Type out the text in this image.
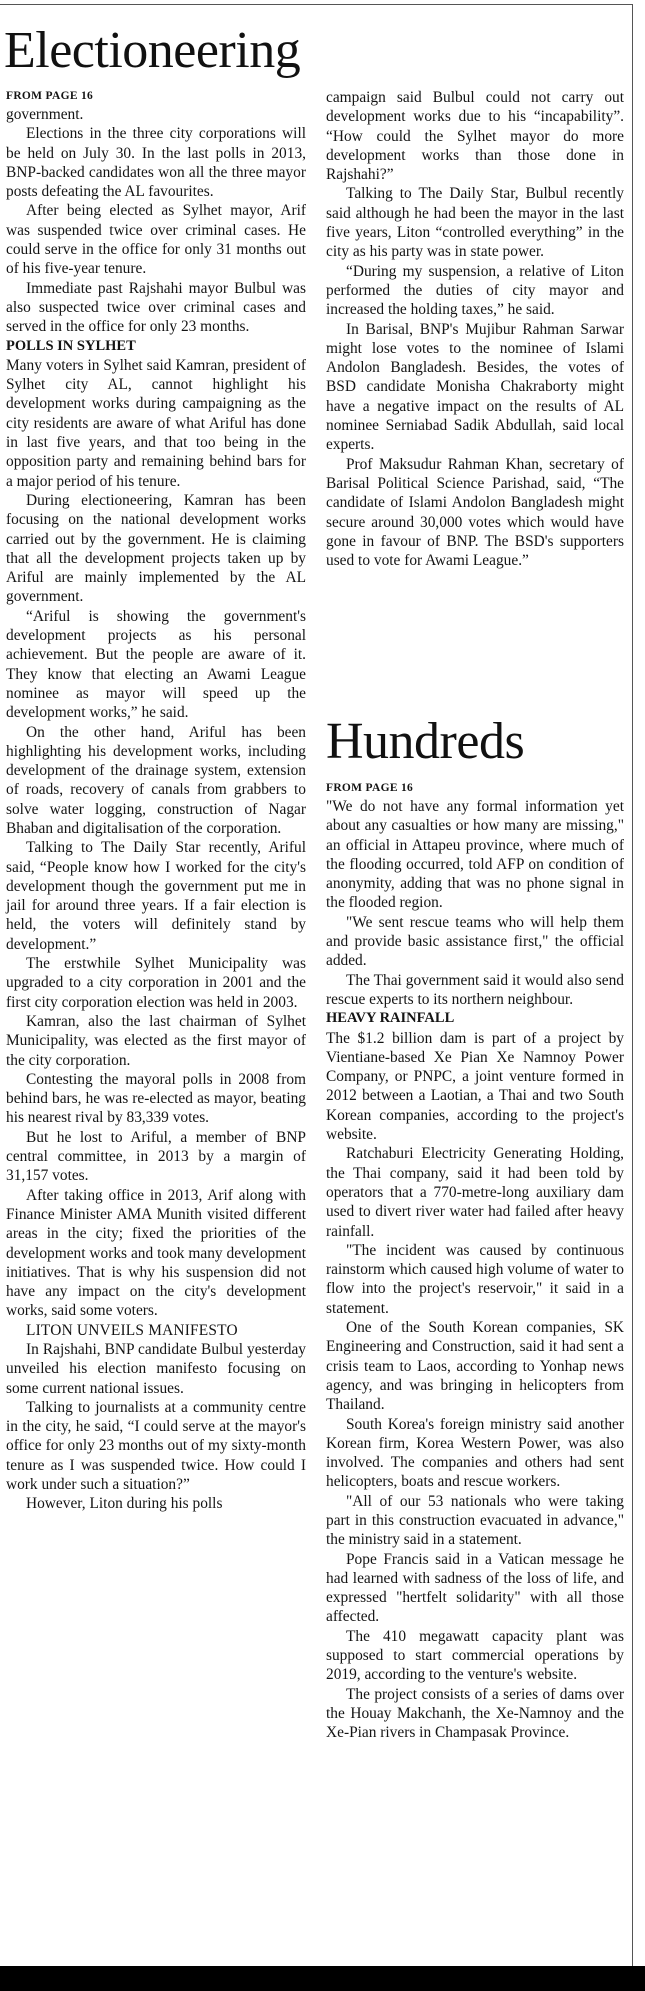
Electioneering
FROM PAGE 16

government.

Elections in the three city corporations will be held on July 30. In the last polls in 2013, BNP-backed candidates won all the three mayor posts defeating the AL favourites.

After being elected as Sylhet mayor, Arif was suspended twice over criminal cases. He could serve in the office for only 31 months out of his five-year tenure.

Immediate past Rajshahi mayor Bulbul was also suspected twice over criminal cases and served in the office for only 23 months.

POLLS IN SYLHET

Many voters in Sylhet said Kamran, president of Sylhet city AL, cannot highlight his development works during campaigning as the city residents are aware of what Ariful has done in last five years, and that too being in the opposition party and remaining behind bars for a major period of his tenure.

During electioneering, Kamran has been focusing on the national development works carried out by the government. He is claiming that all the development projects taken up by Ariful are mainly implemented by the AL government.

“Ariful is showing the government's development projects as his personal achievement. But the people are aware of it. They know that electing an Awami League nominee as mayor will speed up the development works,” he said.

On the other hand, Ariful has been highlighting his development works, including development of the drainage system, extension of roads, recovery of canals from grabbers to solve water logging, construction of Nagar Bhaban and digitalisation of the corporation.

Talking to The Daily Star recently, Ariful said, “People know how I worked for the city's development though the government put me in jail for around three years. If a fair election is held, the voters will definitely stand by development.”

The erstwhile Sylhet Municipality was upgraded to a city corporation in 2001 and the first city corporation election was held in 2003.

Kamran, also the last chairman of Sylhet Municipality, was elected as the first mayor of the city corporation.

Contesting the mayoral polls in 2008 from behind bars, he was re-elected as mayor, beating his nearest rival by 83,339 votes.

But he lost to Ariful, a member of BNP central committee, in 2013 by a margin of 31,157 votes.

After taking office in 2013, Arif along with Finance Minister AMA Munith visited different areas in the city; fixed the priorities of the development works and took many development initiatives. That is why his suspension did not have any impact on the city's development works, said some voters.

LITON UNVEILS MANIFESTO

In Rajshahi, BNP candidate Bulbul yesterday unveiled his election manifesto focusing on some current national issues.

Talking to journalists at a community centre in the city, he said, “I could serve at the mayor's office for only 23 months out of my sixty-month tenure as I was suspended twice. How could I work under such a situation?”

However, Liton during his polls

campaign said Bulbul could not carry out development works due to his “incapability”. “How could the Sylhet mayor do more development works than those done in Rajshahi?”

Talking to The Daily Star, Bulbul recently said although he had been the mayor in the last five years, Liton “controlled everything” in the city as his party was in state power.

“During my suspension, a relative of Liton performed the duties of city mayor and increased the holding taxes,” he said.

In Barisal, BNP's Mujibur Rahman Sarwar might lose votes to the nominee of Islami Andolon Bangladesh. Besides, the votes of BSD candidate Monisha Chakraborty might have a negative impact on the results of AL nominee Serniabad Sadik Abdullah, said local experts.

Prof Maksudur Rahman Khan, secretary of Barisal Political Science Parishad, said, “The candidate of Islami Andolon Bangladesh might secure around 30,000 votes which would have gone in favour of BNP. The BSD's supporters used to vote for Awami League.”

Hundreds
FROM PAGE 16

"We do not have any formal information yet about any casualties or how many are missing," an official in Attapeu province, where much of the flooding occurred, told AFP on condition of anonymity, adding that was no phone signal in the flooded region.

"We sent rescue teams who will help them and provide basic assistance first," the official added.

The Thai government said it would also send rescue experts to its northern neighbour.

HEAVY RAINFALL

The $1.2 billion dam is part of a project by Vientiane-based Xe Pian Xe Namnoy Power Company, or PNPC, a joint venture formed in 2012 between a Laotian, a Thai and two South Korean companies, according to the project's website.

Ratchaburi Electricity Generating Holding, the Thai company, said it had been told by operators that a 770-metre-long auxiliary dam used to divert river water had failed after heavy rainfall.

"The incident was caused by continuous rainstorm which caused high volume of water to flow into the project's reservoir," it said in a statement.

One of the South Korean companies, SK Engineering and Construction, said it had sent a crisis team to Laos, according to Yonhap news agency, and was bringing in helicopters from Thailand.

South Korea's foreign ministry said another Korean firm, Korea Western Power, was also involved. The companies and others had sent helicopters, boats and rescue workers.

"All of our 53 nationals who were taking part in this construction evacuated in advance," the ministry said in a statement.

Pope Francis said in a Vatican message he had learned with sadness of the loss of life, and expressed "hertfelt solidarity" with all those affected.

The 410 megawatt capacity plant was supposed to start commercial operations by 2019, according to the venture's website.

The project consists of a series of dams over the Houay Makchanh, the Xe-Namnoy and the Xe-Pian rivers in Champasak Province.
